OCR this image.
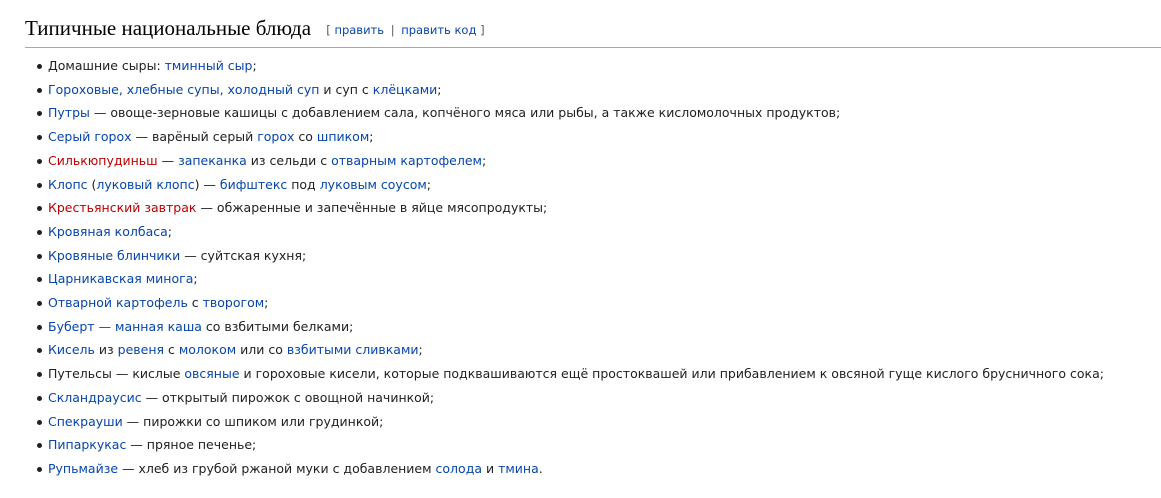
Типичные национальные блюда [ править | править код ]
Домашние сыры: тминный сыр;
Гороховые, хлебные супы, холодный суп и суп с клёцками;
Путры — овоще-зерновые кашицы с добавлением сала, копчёного мяса или рыбы, а также кисломолочных продуктов;
Серый горох — варёный серый горох со шпиком;
Силькюпудиньш — запеканка из сельди с отварным картофелем;
Клопс (луковый клопс) — бифштекс под луковым соусом;
Крестьянский завтрак — обжаренные и запечённые в яйце мясопродукты;
Кровяная колбаса;
Кровяные блинчики — суйтская кухня;
Царникавская минога;
Отварной картофель с творогом;
Буберт — манная каша со взбитыми белками;
Кисель из ревеня с молоком или со взбитыми сливками;
Путельсы — кислые овсяные и гороховые кисели, которые подквашиваются ещё простоквашей или прибавлением к овсяной гуще кислого брусничного сока;
Скландраусис — открытый пирожок с овощной начинкой;
Спекрауши — пирожки со шпиком или грудинкой;
Пипаркукас — пряное печенье;
Рупьмайзе — хлеб из грубой ржаной муки с добавлением солода и тмина.
